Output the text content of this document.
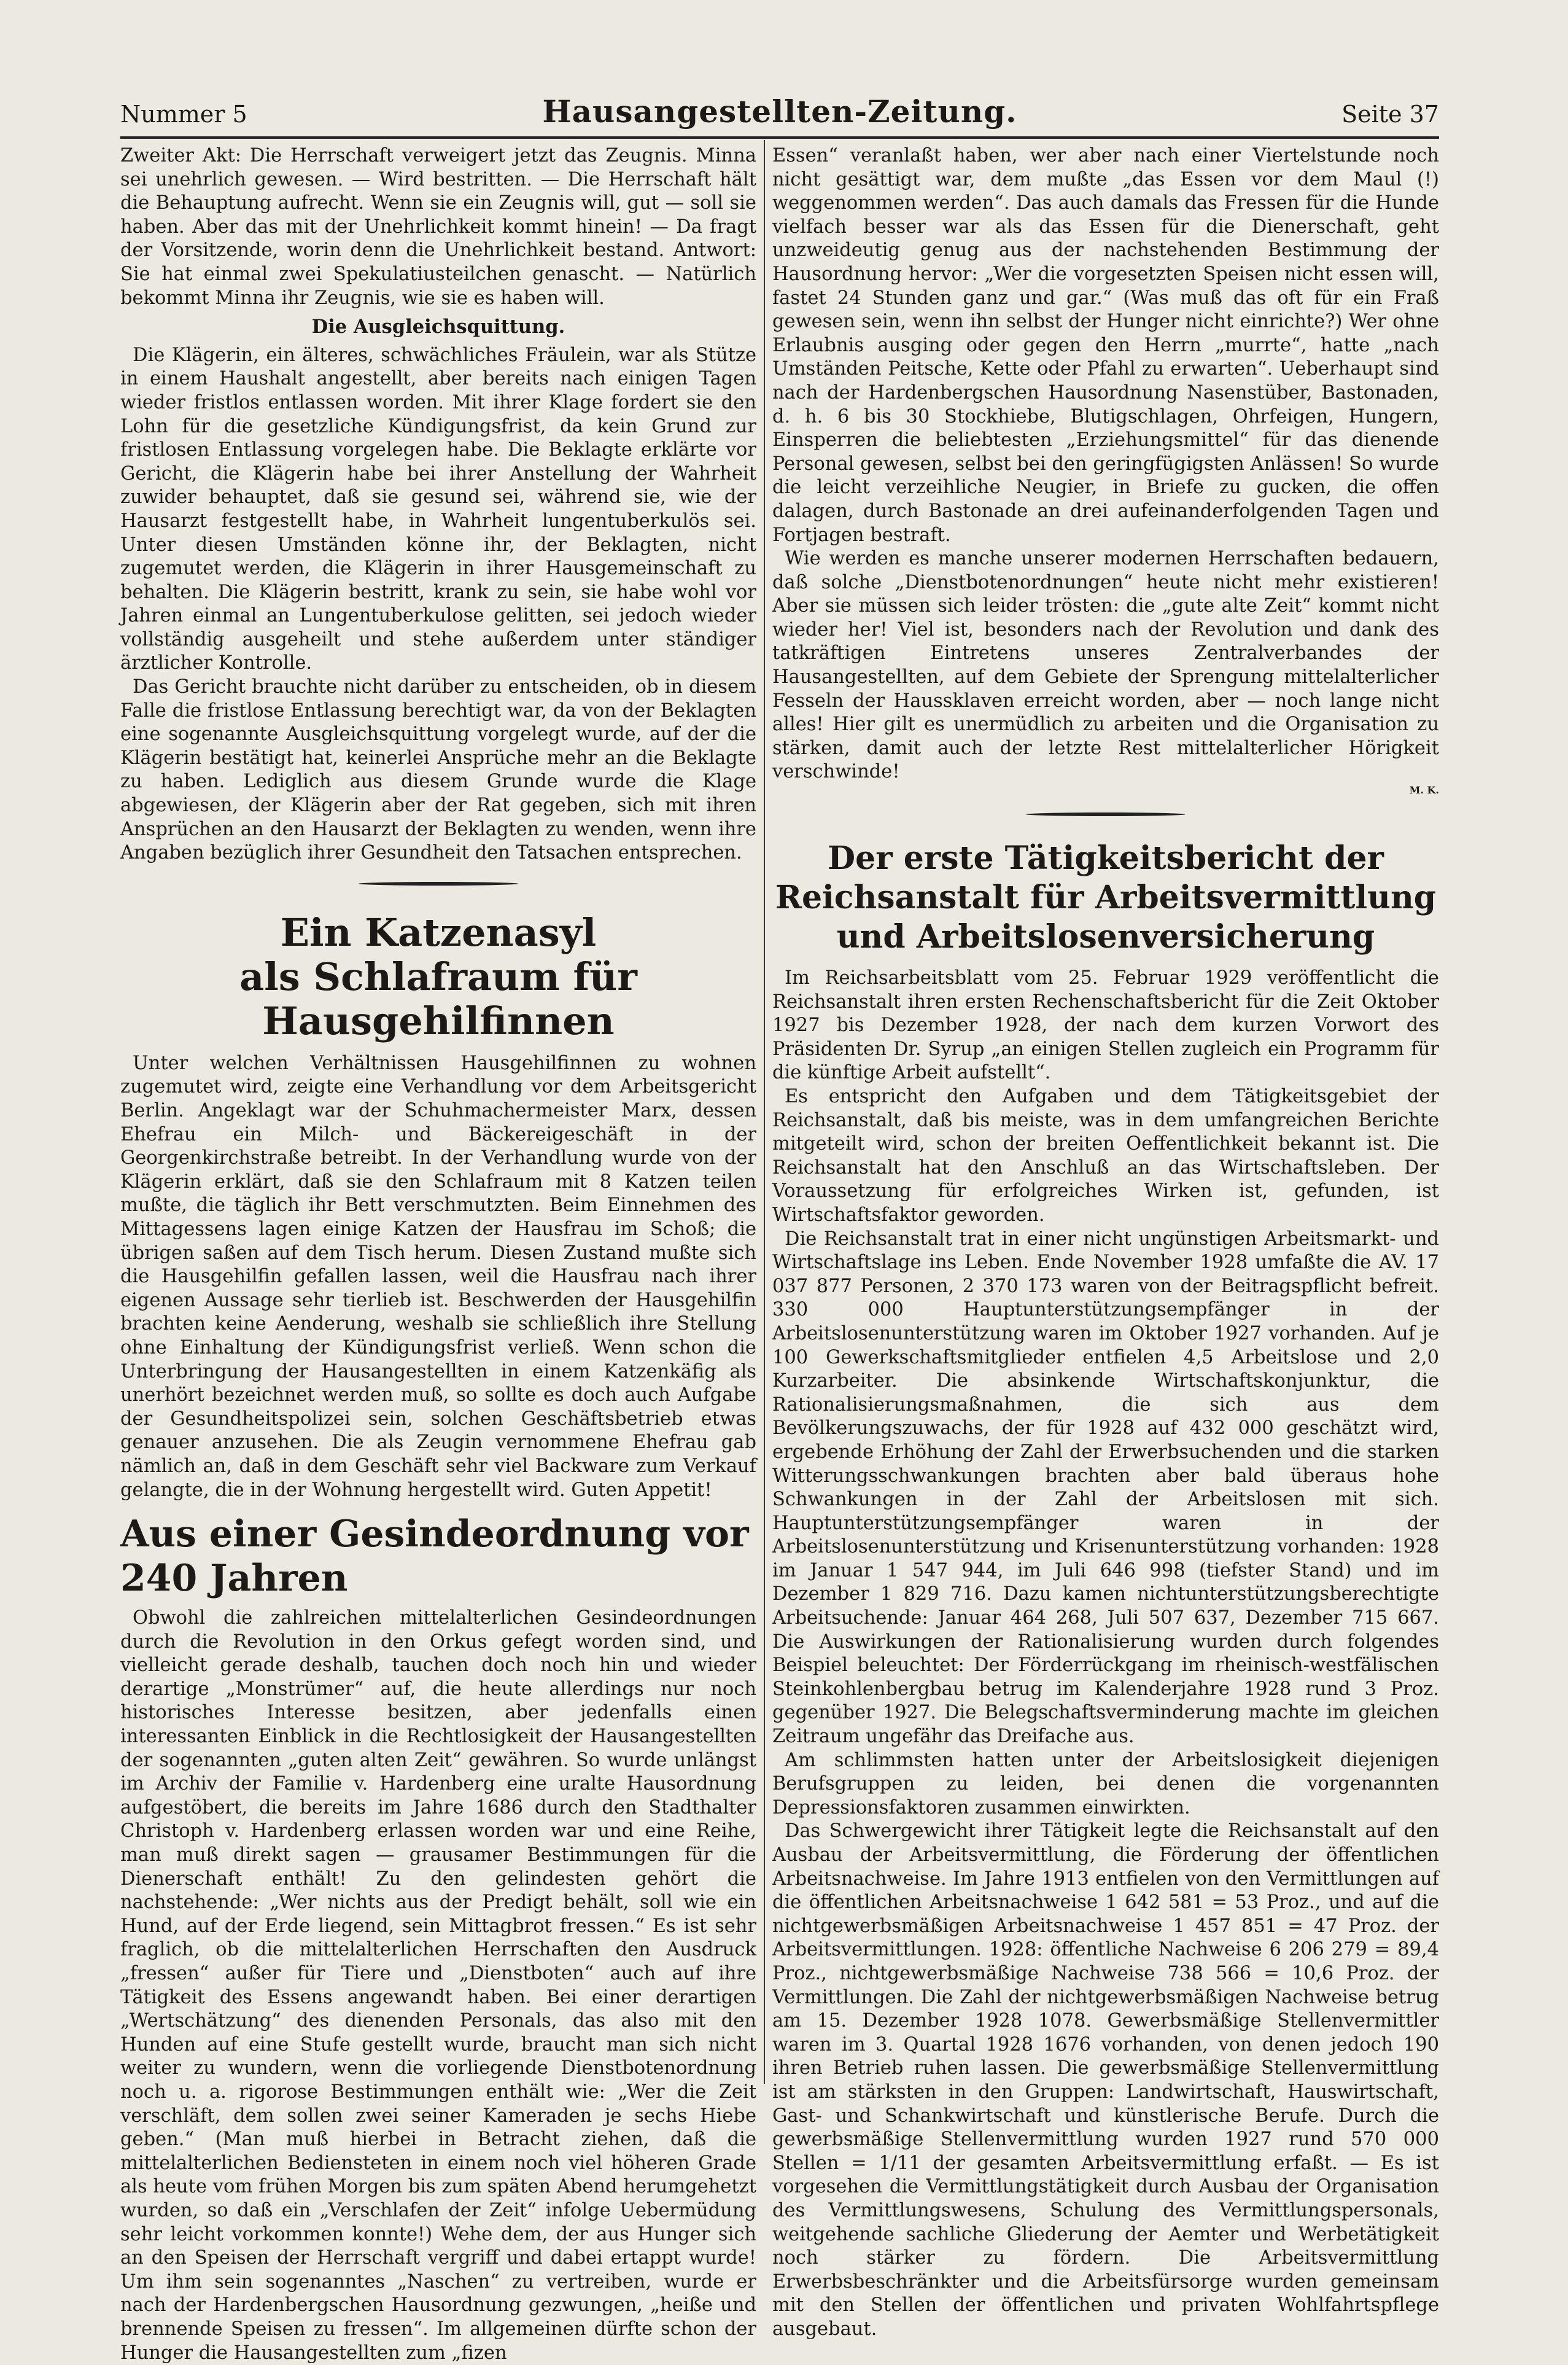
Nummer 5	Hausangestellten-Zeitung.	Seite 37

Zweiter Akt: Die Herrschaft verweigert jetzt das Zeugnis. Minna sei unehrlich gewesen. — Wird bestritten. — Die Herrschaft hält die Behauptung aufrecht. Wenn sie ein Zeugnis will, gut — soll sie haben. Aber das mit der Unehrlichkeit kommt hinein! — Da fragt der Vorsitzende, worin denn die Unehrlichkeit bestand. Antwort: Sie hat einmal zwei Spekulatiusteilchen genascht. — Natürlich bekommt Minna ihr Zeugnis, wie sie es haben will.

Die Ausgleichsquittung.

Die Klägerin, ein älteres, schwächliches Fräulein, war als Stütze in einem Haushalt angestellt, aber bereits nach einigen Tagen wieder fristlos entlassen worden. Mit ihrer Klage fordert sie den Lohn für die gesetzliche Kündigungsfrist, da kein Grund zur fristlosen Entlassung vorgelegen habe. Die Beklagte erklärte vor Gericht, die Klägerin habe bei ihrer Anstellung der Wahrheit zuwider behauptet, daß sie gesund sei, während sie, wie der Hausarzt festgestellt habe, in Wahrheit lungentuberkulös sei. Unter diesen Umständen könne ihr, der Beklagten, nicht zugemutet werden, die Klägerin in ihrer Hausgemeinschaft zu behalten. Die Klägerin bestritt, krank zu sein, sie habe wohl vor Jahren einmal an Lungentuberkulose gelitten, sei jedoch wieder vollständig ausgeheilt und stehe außerdem unter ständiger ärztlicher Kontrolle.

Das Gericht brauchte nicht darüber zu entscheiden, ob in diesem Falle die fristlose Entlassung berechtigt war, da von der Beklagten eine sogenannte Ausgleichsquittung vorgelegt wurde, auf der die Klägerin bestätigt hat, keinerlei Ansprüche mehr an die Beklagte zu haben. Lediglich aus diesem Grunde wurde die Klage abgewiesen, der Klägerin aber der Rat gegeben, sich mit ihren Ansprüchen an den Hausarzt der Beklagten zu wenden, wenn ihre Angaben bezüglich ihrer Gesundheit den Tatsachen entsprechen.

Ein Katzenasyl
als Schlafraum für Hausgehilfinnen

Unter welchen Verhältnissen Hausgehilfinnen zu wohnen zugemutet wird, zeigte eine Verhandlung vor dem Arbeitsgericht Berlin. Angeklagt war der Schuhmachermeister Marx, dessen Ehefrau ein Milch- und Bäckereigeschäft in der Georgenkirchstraße betreibt. In der Verhandlung wurde von der Klägerin erklärt, daß sie den Schlafraum mit 8 Katzen teilen mußte, die täglich ihr Bett verschmutzten. Beim Einnehmen des Mittagessens lagen einige Katzen der Hausfrau im Schoß; die übrigen saßen auf dem Tisch herum. Diesen Zustand mußte sich die Hausgehilfin gefallen lassen, weil die Hausfrau nach ihrer eigenen Aussage sehr tierlieb ist. Beschwerden der Hausgehilfin brachten keine Aenderung, weshalb sie schließlich ihre Stellung ohne Einhaltung der Kündigungsfrist verließ. Wenn schon die Unterbringung der Hausangestellten in einem Katzenkäfig als unerhört bezeichnet werden muß, so sollte es doch auch Aufgabe der Gesundheitspolizei sein, solchen Geschäftsbetrieb etwas genauer anzusehen. Die als Zeugin vernommene Ehefrau gab nämlich an, daß in dem Geschäft sehr viel Backware zum Verkauf gelangte, die in der Wohnung hergestellt wird. Guten Appetit!

Aus einer Gesindeordnung vor 240 Jahren

Obwohl die zahlreichen mittelalterlichen Gesindeordnungen durch die Revolution in den Orkus gefegt worden sind, und vielleicht gerade deshalb, tauchen doch noch hin und wieder derartige „Monstrümer“ auf, die heute allerdings nur noch historisches Interesse besitzen, aber jedenfalls einen interessanten Einblick in die Rechtlosigkeit der Hausangestellten der sogenannten „guten alten Zeit“ gewähren. So wurde unlängst im Archiv der Familie v. Hardenberg eine uralte Hausordnung aufgestöbert, die bereits im Jahre 1686 durch den Stadthalter Christoph v. Hardenberg erlassen worden war und eine Reihe, man muß direkt sagen — grausamer Bestimmungen für die Dienerschaft enthält! Zu den gelindesten gehört die nachstehende: „Wer nichts aus der Predigt behält, soll wie ein Hund, auf der Erde liegend, sein Mittagbrot fressen.“ Es ist sehr fraglich, ob die mittelalterlichen Herrschaften den Ausdruck „fressen“ außer für Tiere und „Dienstboten“ auch auf ihre Tätigkeit des Essens angewandt haben. Bei einer derartigen „Wertschätzung“ des dienenden Personals, das also mit den Hunden auf eine Stufe gestellt wurde, braucht man sich nicht weiter zu wundern, wenn die vorliegende Dienstbotenordnung noch u. a. rigorose Bestimmungen enthält wie: „Wer die Zeit verschläft, dem sollen zwei seiner Kameraden je sechs Hiebe geben.“ (Man muß hierbei in Betracht ziehen, daß die mittelalterlichen Bediensteten in einem noch viel höheren Grade als heute vom frühen Morgen bis zum späten Abend herumgehetzt wurden, so daß ein „Verschlafen der Zeit“ infolge Uebermüdung sehr leicht vorkommen konnte!) Wehe dem, der aus Hunger sich an den Speisen der Herrschaft vergriff und dabei ertappt wurde! Um ihm sein sogenanntes „Naschen“ zu vertreiben, wurde er nach der Hardenbergschen Hausordnung gezwungen, „heiße und brennende Speisen zu fressen“. Im allgemeinen dürfte schon der Hunger die Hausangestellten zum „fizen

Essen“ veranlaßt haben, wer aber nach einer Viertelstunde noch nicht gesättigt war, dem mußte „das Essen vor dem Maul (!) weggenommen werden“. Das auch damals das Fressen für die Hunde vielfach besser war als das Essen für die Dienerschaft, geht unzweideutig genug aus der nachstehenden Bestimmung der Hausordnung hervor: „Wer die vorgesetzten Speisen nicht essen will, fastet 24 Stunden ganz und gar.“ (Was muß das oft für ein Fraß gewesen sein, wenn ihn selbst der Hunger nicht einrichte?) Wer ohne Erlaubnis ausging oder gegen den Herrn „murrte“, hatte „nach Umständen Peitsche, Kette oder Pfahl zu erwarten“. Ueberhaupt sind nach der Hardenbergschen Hausordnung Nasenstüber, Bastonaden, d. h. 6 bis 30 Stockhiebe, Blutigschlagen, Ohrfeigen, Hungern, Einsperren die beliebtesten „Erziehungsmittel“ für das dienende Personal gewesen, selbst bei den geringfügigsten Anlässen! So wurde die leicht verzeihliche Neugier, in Briefe zu gucken, die offen dalagen, durch Bastonade an drei aufeinanderfolgenden Tagen und Fortjagen bestraft.

Wie werden es manche unserer modernen Herrschaften bedauern, daß solche „Dienstbotenordnungen“ heute nicht mehr existieren! Aber sie müssen sich leider trösten: die „gute alte Zeit“ kommt nicht wieder her! Viel ist, besonders nach der Revolution und dank des tatkräftigen Eintretens unseres Zentralverbandes der Hausangestellten, auf dem Gebiete der Sprengung mittelalterlicher Fesseln der Haussklaven erreicht worden, aber — noch lange nicht alles! Hier gilt es unermüdlich zu arbeiten und die Organisation zu stärken, damit auch der letzte Rest mittelalterlicher Hörigkeit verschwinde!

M. K.
Der erste Tätigkeitsbericht der Reichsanstalt für Arbeitsvermittlung und Arbeitslosenversicherung

Im Reichsarbeitsblatt vom 25. Februar 1929 veröffentlicht die Reichsanstalt ihren ersten Rechenschaftsbericht für die Zeit Oktober 1927 bis Dezember 1928, der nach dem kurzen Vorwort des Präsidenten Dr. Syrup „an einigen Stellen zugleich ein Programm für die künftige Arbeit aufstellt“.

Es entspricht den Aufgaben und dem Tätigkeitsgebiet der Reichsanstalt, daß bis meiste, was in dem umfangreichen Berichte mitgeteilt wird, schon der breiten Oeffentlichkeit bekannt ist. Die Reichsanstalt hat den Anschluß an das Wirtschaftsleben. Der Voraussetzung für erfolgreiches Wirken ist, gefunden, ist Wirtschaftsfaktor geworden.

Die Reichsanstalt trat in einer nicht ungünstigen Arbeitsmarkt- und Wirtschaftslage ins Leben. Ende November 1928 umfaßte die AV. 17 037 877 Personen, 2 370 173 waren von der Beitragspflicht befreit. 330 000 Hauptunterstützungsempfänger in der Arbeitslosenunterstützung waren im Oktober 1927 vorhanden. Auf je 100 Gewerkschaftsmitglieder entfielen 4,5 Arbeitslose und 2,0 Kurzarbeiter. Die absinkende Wirtschaftskonjunktur, die Rationalisierungsmaßnahmen, die sich aus dem Bevölkerungszuwachs, der für 1928 auf 432 000 geschätzt wird, ergebende Erhöhung der Zahl der Erwerbsuchenden und die starken Witterungsschwankungen brachten aber bald überaus hohe Schwankungen in der Zahl der Arbeitslosen mit sich. Hauptunterstützungsempfänger waren in der Arbeitslosenunterstützung und Krisenunterstützung vorhanden: 1928 im Januar 1 547 944, im Juli 646 998 (tiefster Stand) und im Dezember 1 829 716. Dazu kamen nichtunterstützungsberechtigte Arbeitsuchende: Januar 464 268, Juli 507 637, Dezember 715 667. Die Auswirkungen der Rationalisierung wurden durch folgendes Beispiel beleuchtet: Der Förderrückgang im rheinisch-westfälischen Steinkohlenbergbau betrug im Kalenderjahre 1928 rund 3 Proz. gegenüber 1927. Die Belegschaftsverminderung machte im gleichen Zeitraum ungefähr das Dreifache aus.

Am schlimmsten hatten unter der Arbeitslosigkeit diejenigen Berufsgruppen zu leiden, bei denen die vorgenannten Depressionsfaktoren zusammen einwirkten.

Das Schwergewicht ihrer Tätigkeit legte die Reichsanstalt auf den Ausbau der Arbeitsvermittlung, die Förderung der öffentlichen Arbeitsnachweise. Im Jahre 1913 entfielen von den Vermittlungen auf die öffentlichen Arbeitsnachweise 1 642 581 = 53 Proz., und auf die nichtgewerbsmäßigen Arbeitsnachweise 1 457 851 = 47 Proz. der Arbeitsvermittlungen. 1928: öffentliche Nachweise 6 206 279 = 89,4 Proz., nichtgewerbsmäßige Nachweise 738 566 = 10,6 Proz. der Vermittlungen. Die Zahl der nichtgewerbsmäßigen Nachweise betrug am 15. Dezember 1928 1078. Gewerbsmäßige Stellenvermittler waren im 3. Quartal 1928 1676 vorhanden, von denen jedoch 190 ihren Betrieb ruhen lassen. Die gewerbsmäßige Stellenvermittlung ist am stärksten in den Gruppen: Landwirtschaft, Hauswirtschaft, Gast- und Schankwirtschaft und künstlerische Berufe. Durch die gewerbsmäßige Stellenvermittlung wurden 1927 rund 570 000 Stellen = 1/11 der gesamten Arbeitsvermittlung erfaßt. — Es ist vorgesehen die Vermittlungstätigkeit durch Ausbau der Organisation des Vermittlungswesens, Schulung des Vermittlungspersonals, weitgehende sachliche Gliederung der Aemter und Werbetätigkeit noch stärker zu fördern. Die Arbeitsvermittlung Erwerbsbeschränkter und die Arbeitsfürsorge wurden gemeinsam mit den Stellen der öffentlichen und privaten Wohlfahrtspflege ausgebaut.
